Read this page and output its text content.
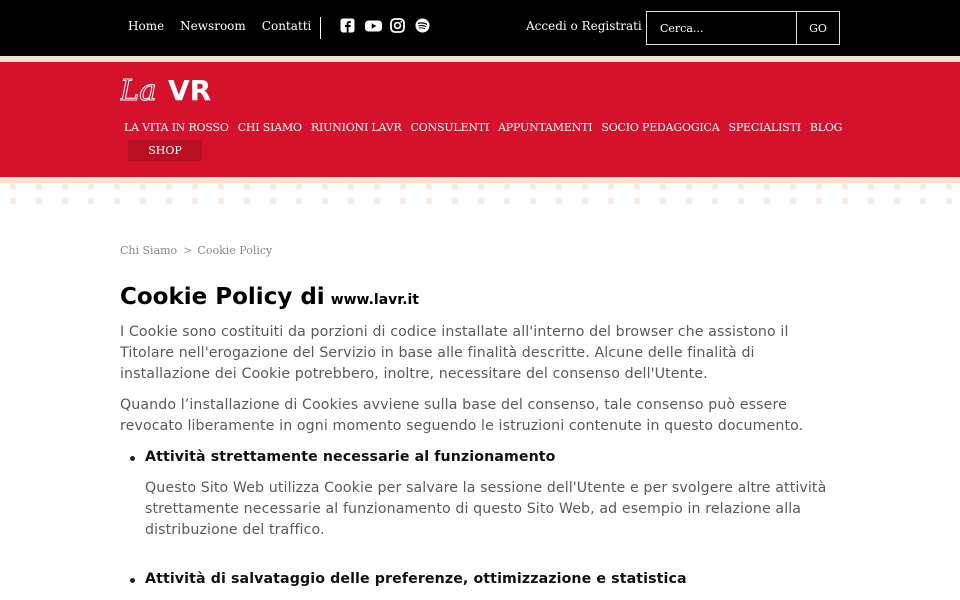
Home Newsroom Contatti	Accedi o Registrati
Cerca...	GO
La VR
LA VITA IN ROSSO CHI SIAMO RIUNIONI LAVR CONSULENTI APPUNTAMENTI SOCIO PEDAGOGICA SPECIALISTI BLOG
SHOP
Chi Siamo > Cookie Policy
Cookie Policy di www.lavr.it

I Cookie sono costituiti da porzioni di codice installate all'interno del browser che assistono il Titolare nell'erogazione del Servizio in base alle finalità descritte. Alcune delle finalità di installazione dei Cookie potrebbero, inoltre, necessitare del consenso dell'Utente.

Quando l’installazione di Cookies avviene sulla base del consenso, tale consenso può essere revocato liberamente in ogni momento seguendo le istruzioni contenute in questo documento.

Attività strettamente necessarie al funzionamento

Questo Sito Web utilizza Cookie per salvare la sessione dell'Utente e per svolgere altre attività strettamente necessarie al funzionamento di questo Sito Web, ad esempio in relazione alla distribuzione del traffico.

Attività di salvataggio delle preferenze, ottimizzazione e statistica
